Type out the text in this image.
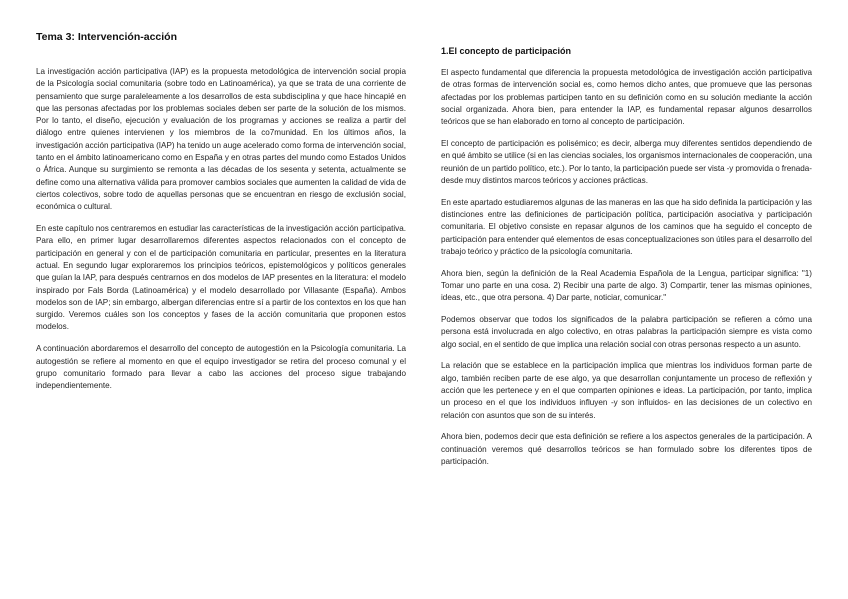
Tema 3: Intervención-acción

La investigación acción participativa (IAP) es la propuesta metodológica de intervención social propia de la Psicología social comunitaria (sobre todo en Latinoamérica), ya que se trata de una corriente de pensamiento que surge paraleleamente a los desarrollos de esta subdisciplina y que hace hincapié en que las personas afectadas por los problemas sociales deben ser parte de la solución de los mismos. Por lo tanto, el diseño, ejecución y evaluación de los programas y acciones se realiza a partir del diálogo entre quienes intervienen y los miembros de la co7munidad. En los últimos años, la investigación acción participativa (IAP) ha tenido un auge acelerado como forma de intervención social, tanto en el ámbito latinoamericano como en España y en otras partes del mundo como Estados Unidos o África. Aunque su surgimiento se remonta a las décadas de los sesenta y setenta, actualmente se define como una alternativa válida para promover cambios sociales que aumenten la calidad de vida de ciertos colectivos, sobre todo de aquellas personas que se encuentran en riesgo de exclusión social, económica o cultural.

En este capítulo nos centraremos en estudiar las características de la investigación acción participativa. Para ello, en primer lugar desarrollaremos diferentes aspectos relacionados con el concepto de participación en general y con el de participación comunitaria en particular, presentes en la literatura actual. En segundo lugar exploraremos los principios teóricos, epistemológicos y políticos generales que guían la IAP, para después centrarnos en dos modelos de IAP presentes en la literatura: el modelo inspirado por Fals Borda (Latinoamérica) y el modelo desarrollado por Villasante (España). Ambos modelos son de IAP; sin embargo, albergan diferencias entre sí a partir de los contextos en los que han surgido. Veremos cuáles son los conceptos y fases de la acción comunitaria que proponen estos modelos.

A continuación abordaremos el desarrollo del concepto de autogestión en la Psicología comunitaria. La autogestión se refiere al momento en que el equipo investigador se retira del proceso comunal y el grupo comunitario formado para llevar a cabo las acciones del proceso sigue trabajando independientemente.

1.El concepto de participación

El aspecto fundamental que diferencia la propuesta metodológica de investigación acción participativa de otras formas de intervención social es, como hemos dicho antes, que promueve que las personas afectadas por los problemas participen tanto en su definición como en su solución mediante la acción social organizada. Ahora bien, para entender la IAP, es fundamental repasar algunos desarrollos teóricos que se han elaborado en torno al concepto de participación.

El concepto de participación es polisémico; es decir, alberga muy diferentes sentidos dependiendo de en qué ámbito se utilice (si en las ciencias sociales, los organismos internacionales de cooperación, una reunión de un partido político, etc.). Por lo tanto, la participación puede ser vista -y promovida o frenada- desde muy distintos marcos teóricos y acciones prácticas.

En este apartado estudiaremos algunas de las maneras en las que ha sido definida la participación y las distinciones entre las definiciones de participación política, participación asociativa y participación comunitaria. El objetivo consiste en repasar algunos de los caminos que ha seguido el concepto de participación para entender qué elementos de esas conceptualizaciones son útiles para el desarrollo del trabajo teórico y práctico de la psicología comunitaria.

Ahora bien, según la definición de la Real Academia Española de la Lengua, participar significa: "1) Tomar uno parte en una cosa. 2) Recibir una parte de algo. 3) Compartir, tener las mismas opiniones, ideas, etc., que otra persona. 4) Dar parte, noticiar, comunicar."

Podemos observar que todos los significados de la palabra participación se refieren a cómo una persona está involucrada en algo colectivo, en otras palabras la participación siempre es vista como algo social, en el sentido de que implica una relación social con otras personas respecto a un asunto.

La relación que se establece en la participación implica que mientras los individuos forman parte de algo, también reciben parte de ese algo, ya que desarrollan conjuntamente un proceso de reflexión y acción que les pertenece y en el que comparten opiniones e ideas. La participación, por tanto, implica un proceso en el que los individuos influyen -y son influidos- en las decisiones de un colectivo en relación con asuntos que son de su interés.

Ahora bien, podemos decir que esta definición se refiere a los aspectos generales de la participación. A continuación veremos qué desarrollos teóricos se han formulado sobre los diferentes tipos de participación.
